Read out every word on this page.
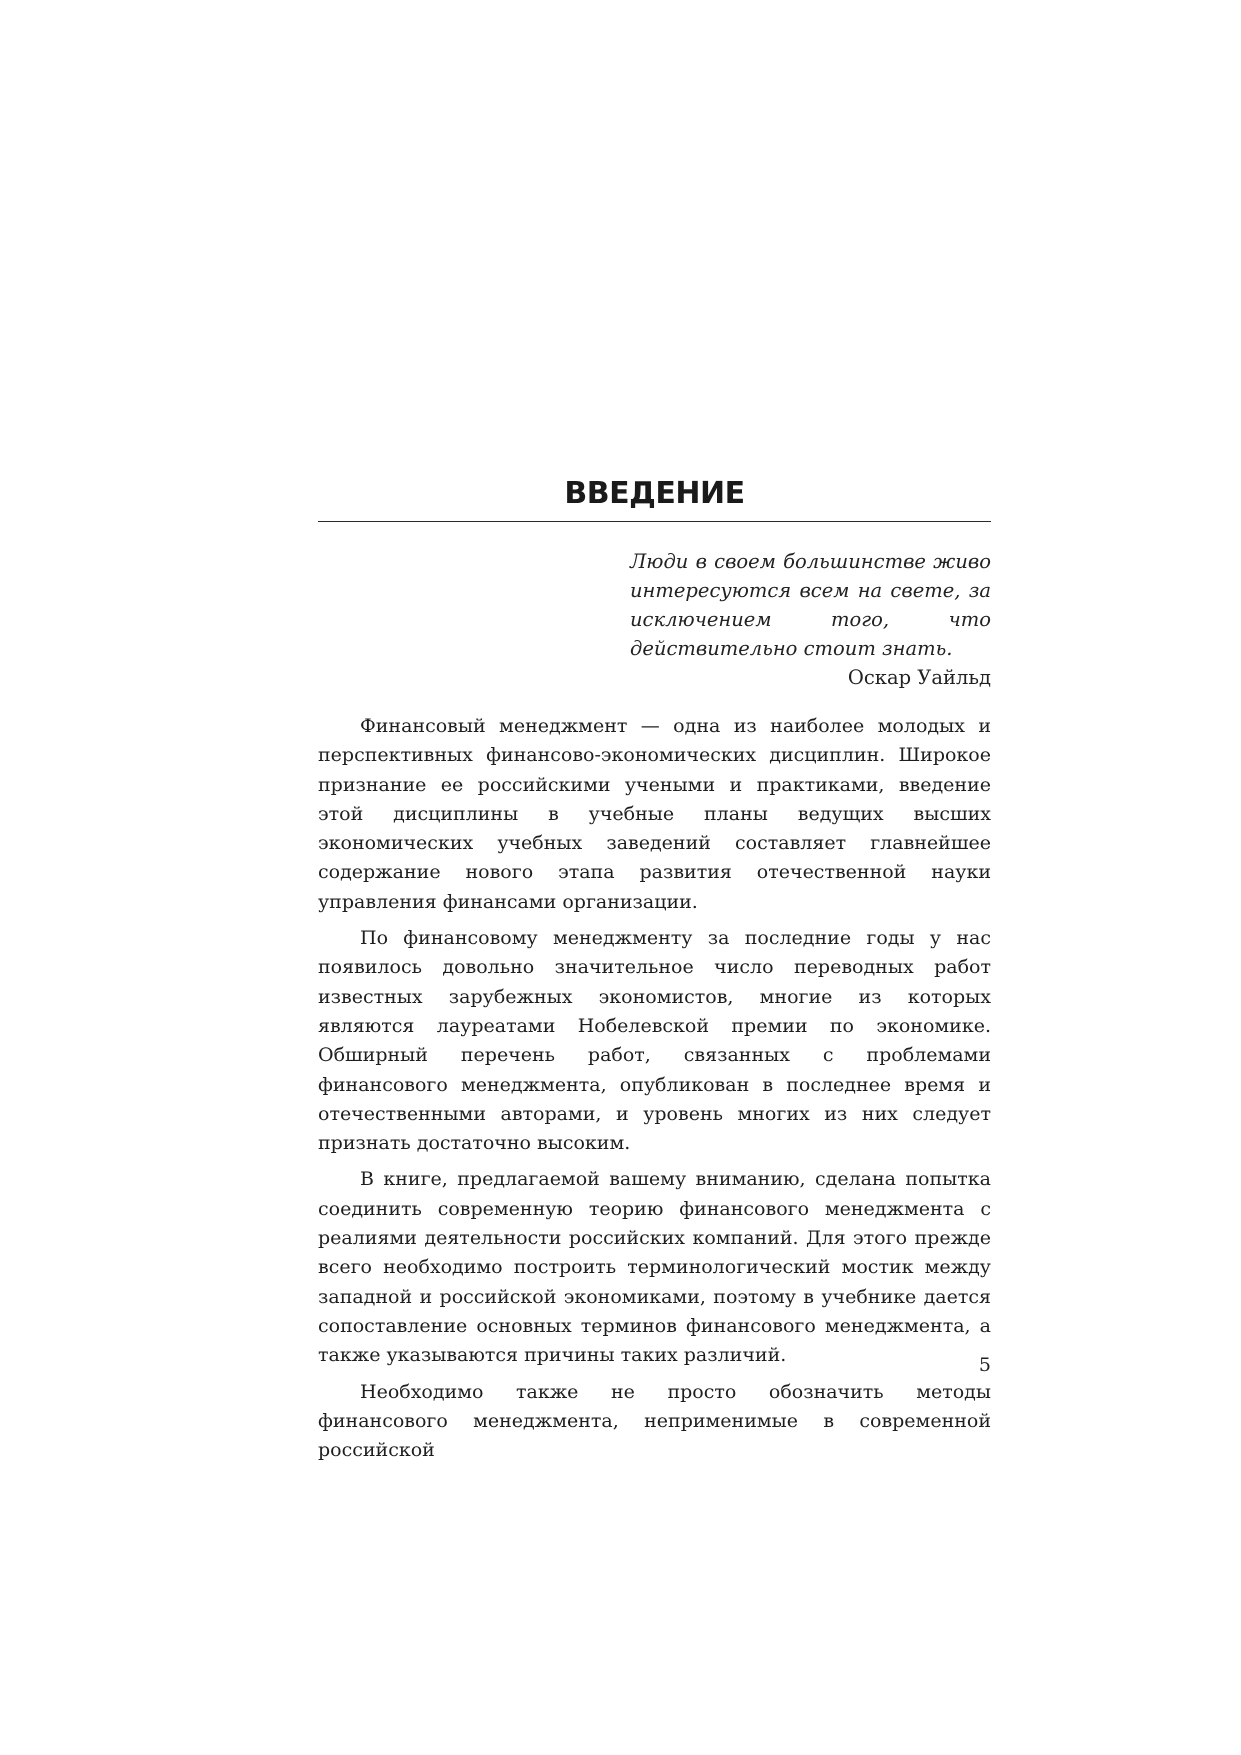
ВВЕДЕНИЕ

Люди в своем большинстве живо интересуются всем на свете, за исключением того, что действительно стоит знать.

Оскар Уайльд

Финансовый менеджмент — одна из наиболее молодых и перспективных финансово-экономических дисциплин. Широкое признание ее российскими учеными и практиками, введение этой дисциплины в учебные планы ведущих высших экономических учебных заведений составляет главнейшее содержание нового этапа развития отечественной науки управления финансами организации.

По финансовому менеджменту за последние годы у нас появилось довольно значительное число переводных работ известных зарубежных экономистов, многие из которых являются лауреатами Нобелевской премии по экономике. Обширный перечень работ, связанных с проблемами финансового менеджмента, опубликован в последнее время и отечественными авторами, и уровень многих из них следует признать достаточно высоким.

В книге, предлагаемой вашему вниманию, сделана попытка соединить современную теорию финансового менеджмента с реалиями деятельности российских компаний. Для этого прежде всего необходимо построить терминологический мостик между западной и российской экономиками, поэтому в учебнике дается сопоставление основных терминов финансового менеджмента, а также указываются причины таких различий.

Необходимо также не просто обозначить методы финансового менеджмента, неприменимые в современной российской

5
